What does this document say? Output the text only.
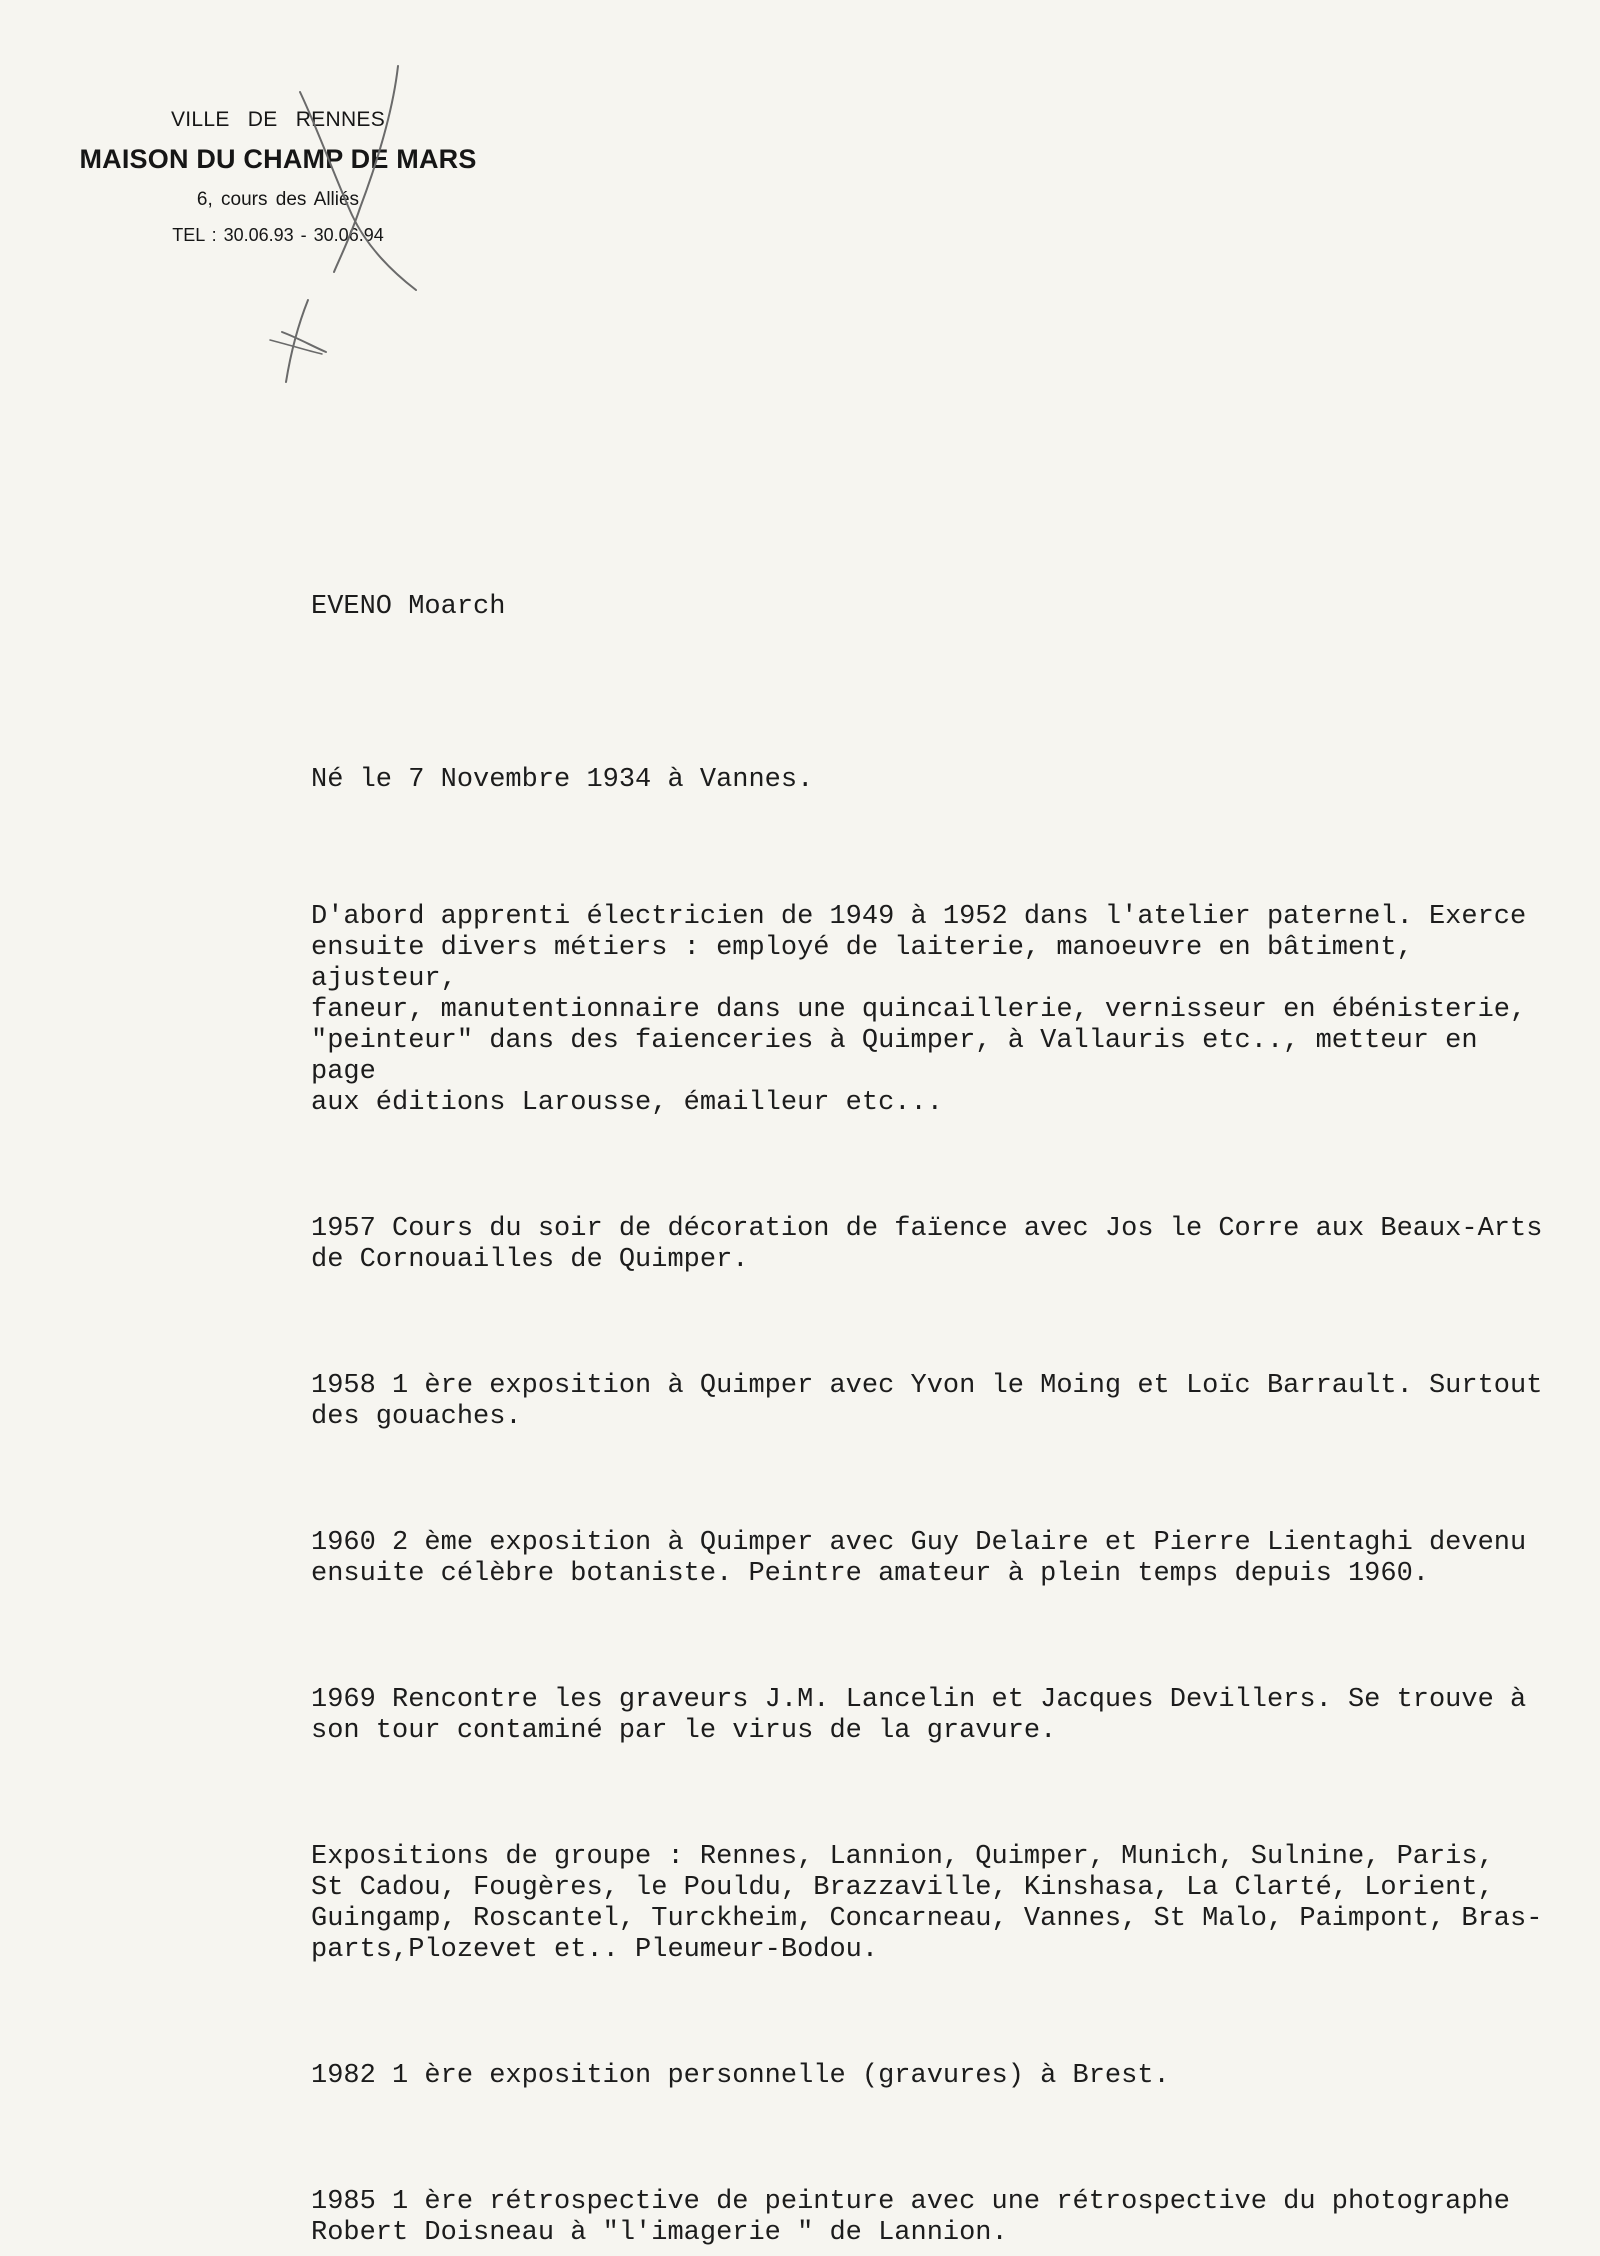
VILLE DE RENNES
MAISON DU CHAMP DE MARS
6, cours des Alliés
TEL : 30.06.93 - 30.06.94

EVENO Moarch

Né le 7 Novembre 1934 à Vannes.

D'abord apprenti électricien de 1949 à 1952 dans l'atelier paternel. Exerce
ensuite divers métiers : employé de laiterie, manoeuvre en bâtiment, ajusteur,
faneur, manutentionnaire dans une quincaillerie, vernisseur en ébénisterie,
"peinteur" dans des faienceries à Quimper, à Vallauris etc.., metteur en page
aux éditions Larousse, émailleur etc...

1957 Cours du soir de décoration de faïence avec Jos le Corre aux Beaux-Arts
de Cornouailles de Quimper.

1958 1 ère exposition à Quimper avec Yvon le Moing et Loïc Barrault. Surtout
des gouaches.

1960 2 ème exposition à Quimper avec Guy Delaire et Pierre Lientaghi devenu
ensuite célèbre botaniste. Peintre amateur à plein temps depuis 1960.

1969 Rencontre les graveurs J.M. Lancelin et Jacques Devillers. Se trouve à
son tour contaminé par le virus de la gravure.

Expositions de groupe : Rennes, Lannion, Quimper, Munich, Sulnine, Paris,
St Cadou, Fougères, le Pouldu, Brazzaville, Kinshasa, La Clarté, Lorient,
Guingamp, Roscantel, Turckheim, Concarneau, Vannes, St Malo, Paimpont, Bras-
parts,Plozevet et.. Pleumeur-Bodou.

1982 1 ère exposition personnelle (gravures) à Brest.

1985 1 ère rétrospective de peinture avec une rétrospective du photographe
Robert Doisneau à "l'imagerie " de Lannion.
